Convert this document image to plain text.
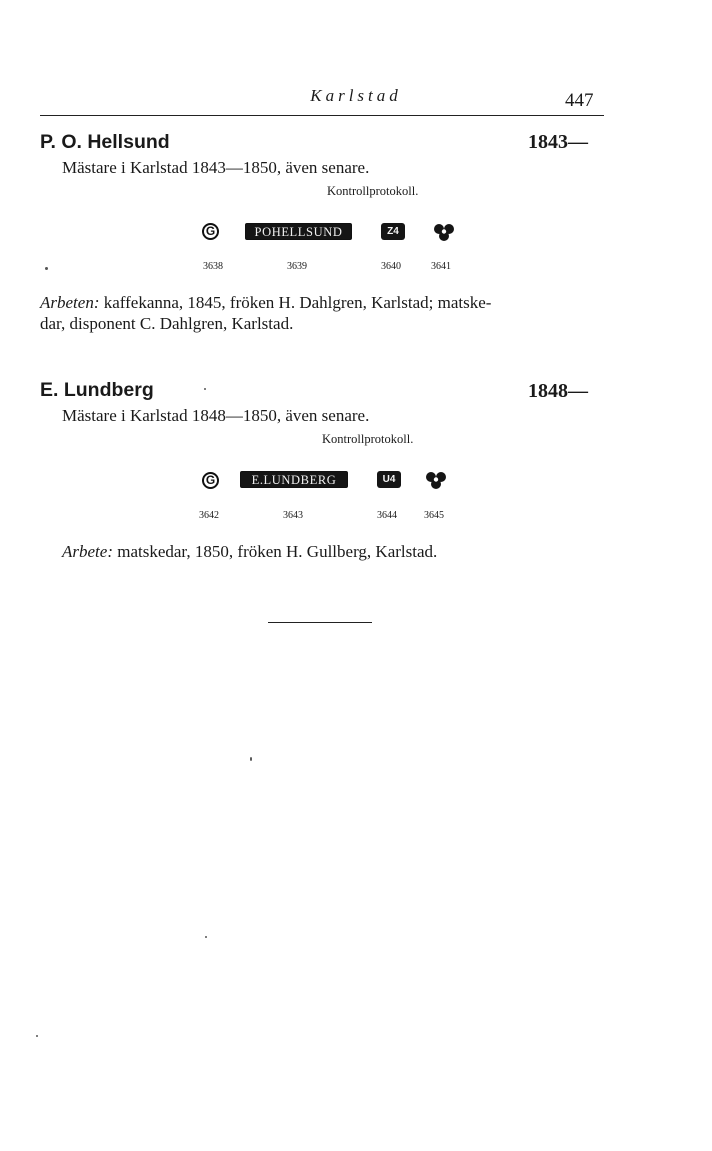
Karlstad	447
P. O. Hellsund	1843—
Mästare i Karlstad 1843—1850, även senare.
Kontrollprotokoll.
G	POHELLSUND	Z4
3638	3639	3640	3641
Arbeten: kaffekanna, 1845, fröken H. Dahlgren, Karlstad; matske-
dar, disponent C. Dahlgren, Karlstad.
E. Lundberg	1848—
Mästare i Karlstad 1848—1850, även senare.
Kontrollprotokoll.
G	E.LUNDBERG	U4
3642	3643	3644	3645
Arbete: matskedar, 1850, fröken H. Gullberg, Karlstad.
